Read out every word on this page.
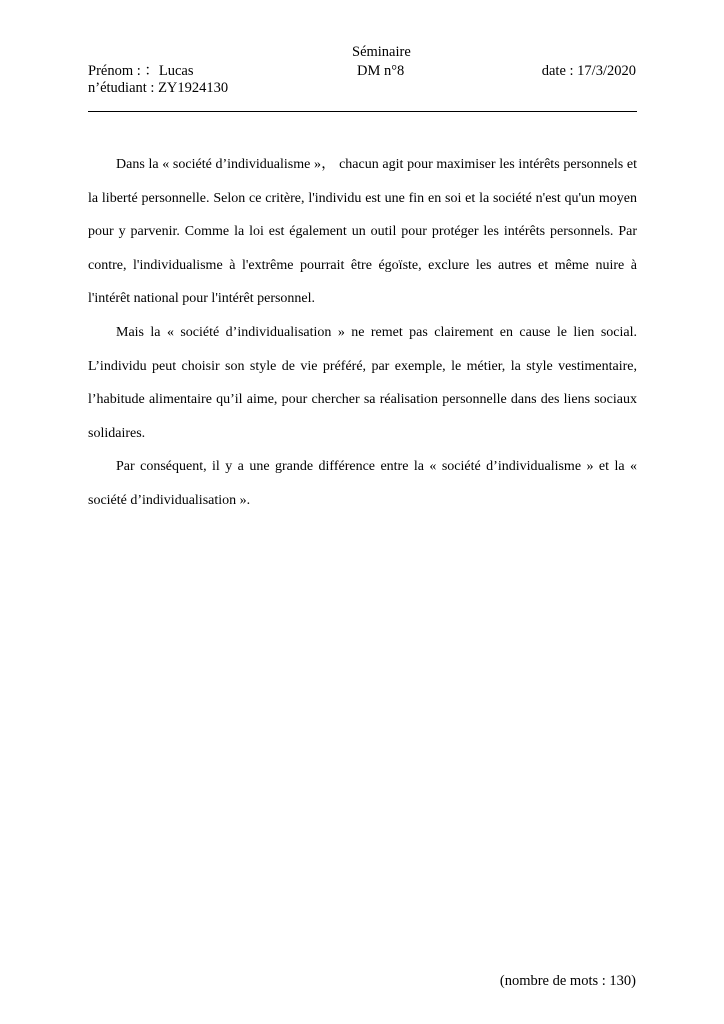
Séminaire
Prénom : ：Lucas	DM n°8	date : 17/3/2020
n’étudiant : ZY1924130

Dans la « société d’individualisme »， chacun agit pour maximiser les intérêts personnels et la liberté personnelle. Selon ce critère, l'individu est une fin en soi et la société n'est qu'un moyen pour y parvenir. Comme la loi est également un outil pour protéger les intérêts personnels. Par contre, l'individualisme à l'extrême pourrait être égoïste, exclure les autres et même nuire à l'intérêt national pour l'intérêt personnel.

Mais la « société d’individualisation » ne remet pas clairement en cause le lien social. L’individu peut choisir son style de vie préféré, par exemple, le métier, la style vestimentaire, l’habitude alimentaire qu’il aime, pour chercher sa réalisation personnelle dans des liens sociaux solidaires.

Par conséquent, il y a une grande différence entre la « société d’individualisme » et la « société d’individualisation ».

(nombre de mots : 130)
